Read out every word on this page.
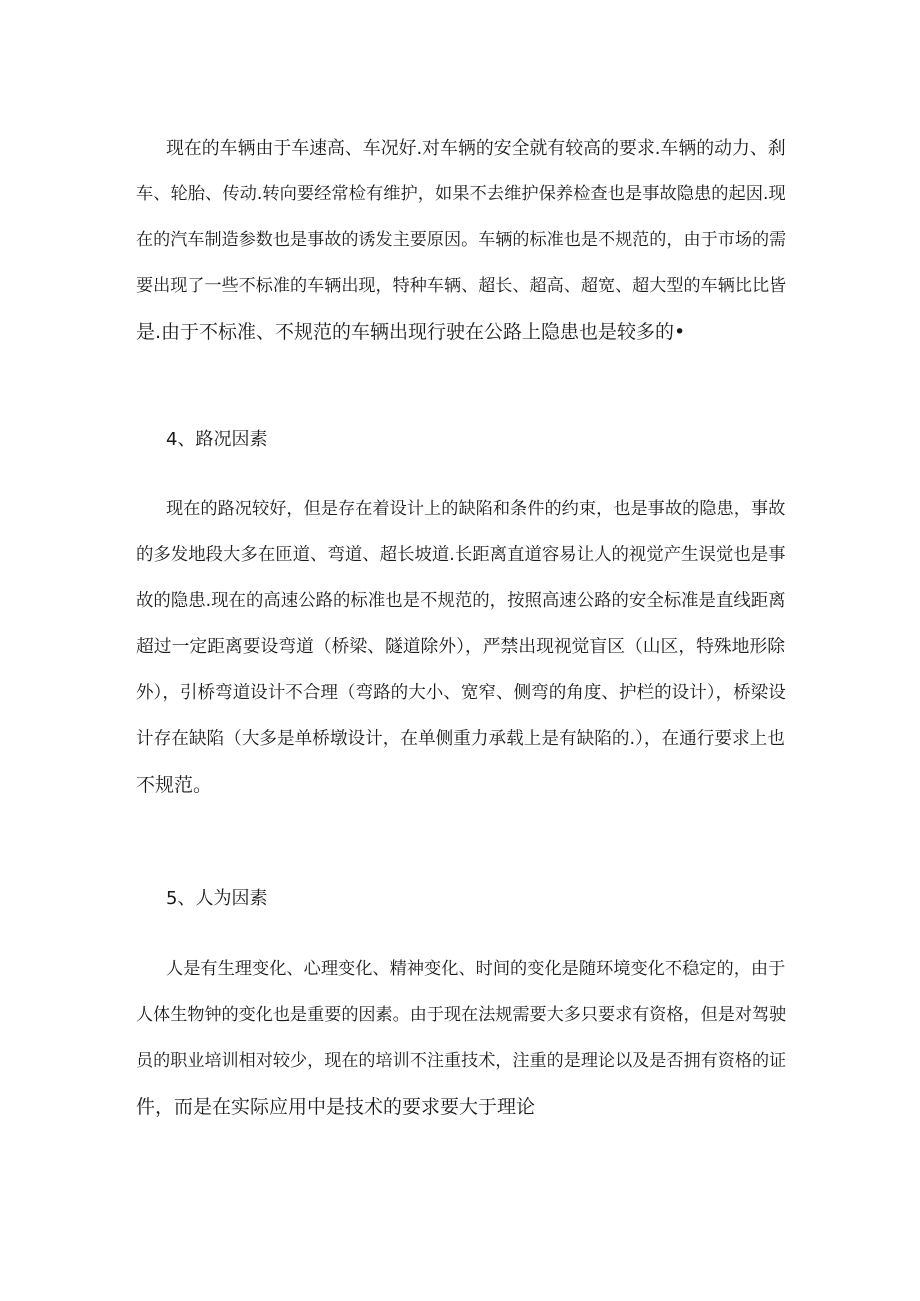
现在的车辆由于车速高、车况好.对车辆的安全就有较高的要求.车辆的动力、刹
车、轮胎、传动.转向要经常检有维护，如果不去维护保养检查也是事故隐患的起因.现
在的汽车制造参数也是事故的诱发主要原因。车辆的标准也是不规范的，由于市场的需
要出现了一些不标准的车辆出现，特种车辆、超长、超高、超宽、超大型的车辆比比皆
是.由于不标准、不规范的车辆出现行驶在公路上隐患也是较多的•
4、路况因素
现在的路况较好，但是存在着设计上的缺陷和条件的约束，也是事故的隐患，事故
的多发地段大多在匝道、弯道、超长坡道.长距离直道容易让人的视觉产生误觉也是事
故的隐患.现在的高速公路的标准也是不规范的，按照高速公路的安全标准是直线距离
超过一定距离要设弯道（桥梁、隧道除外），严禁出现视觉盲区（山区，特殊地形除
外），引桥弯道设计不合理（弯路的大小、宽窄、侧弯的角度、护栏的设计），桥梁设
计存在缺陷（大多是单桥墩设计，在单侧重力承载上是有缺陷的.），在通行要求上也
不规范。
5、人为因素
人是有生理变化、心理变化、精神变化、时间的变化是随环境变化不稳定的，由于
人体生物钟的变化也是重要的因素。由于现在法规需要大多只要求有资格，但是对驾驶
员的职业培训相对较少，现在的培训不注重技术，注重的是理论以及是否拥有资格的证
件，而是在实际应用中是技术的要求要大于理论
